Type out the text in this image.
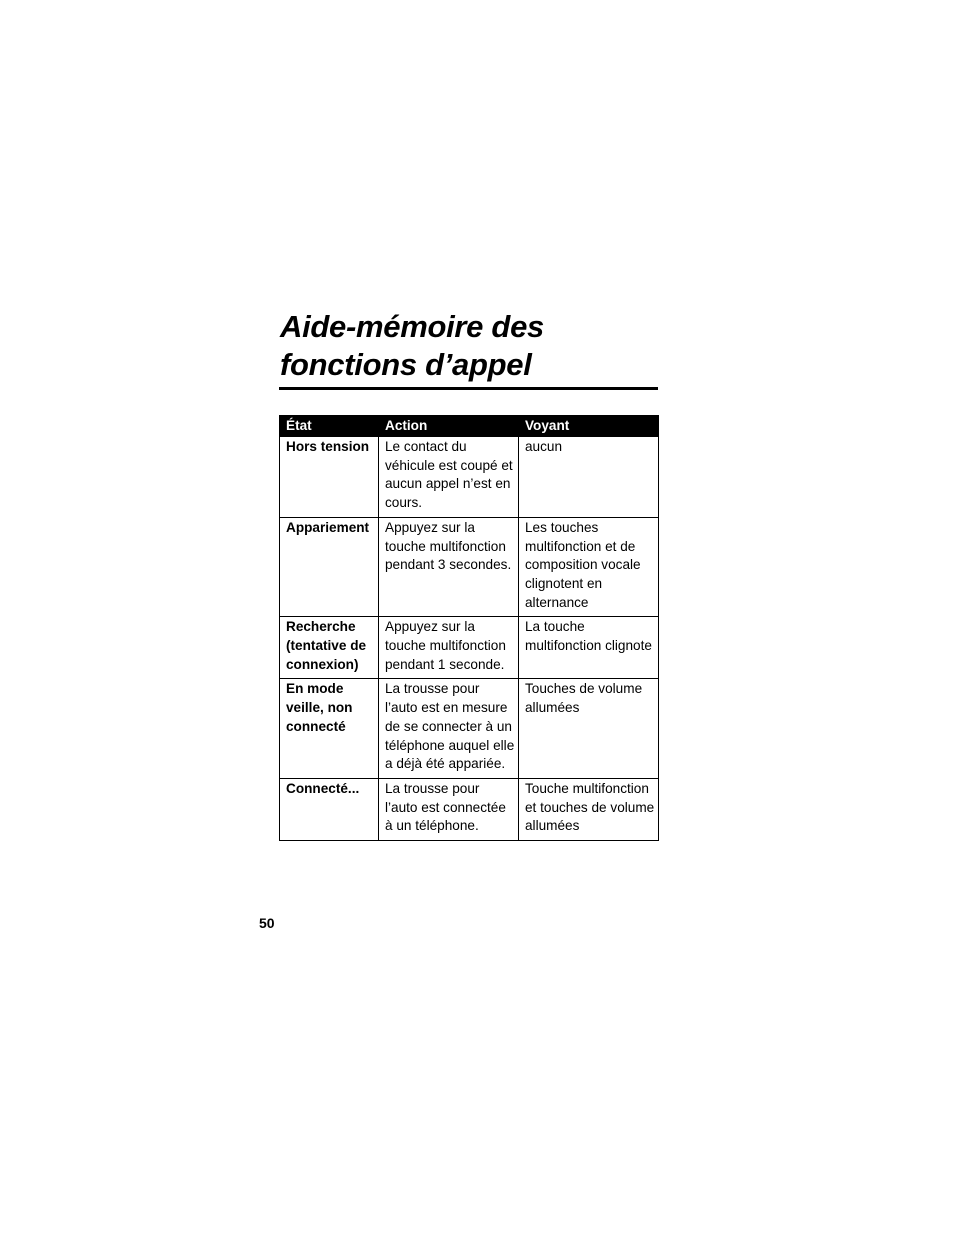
Aide-mémoire des
fonctions d’appel
État	Action	Voyant
Hors tension	Le contact du véhicule est coupé et aucun appel n’est en cours.	aucun
Appariement	Appuyez sur la touche multifonction pendant 3 secondes.	Les touches multifonction et de composition vocale clignotent en alternance
Recherche (tentative de connexion)	Appuyez sur la touche multifonction pendant 1 seconde.	La touche multifonction clignote
En mode veille, non connecté	La trousse pour l’auto est en mesure de se connecter à un téléphone auquel elle a déjà été appariée.	Touches de volume allumées
Connecté...	La trousse pour l’auto est connectée à un téléphone.	Touche multifonction et touches de volume allumées
50
